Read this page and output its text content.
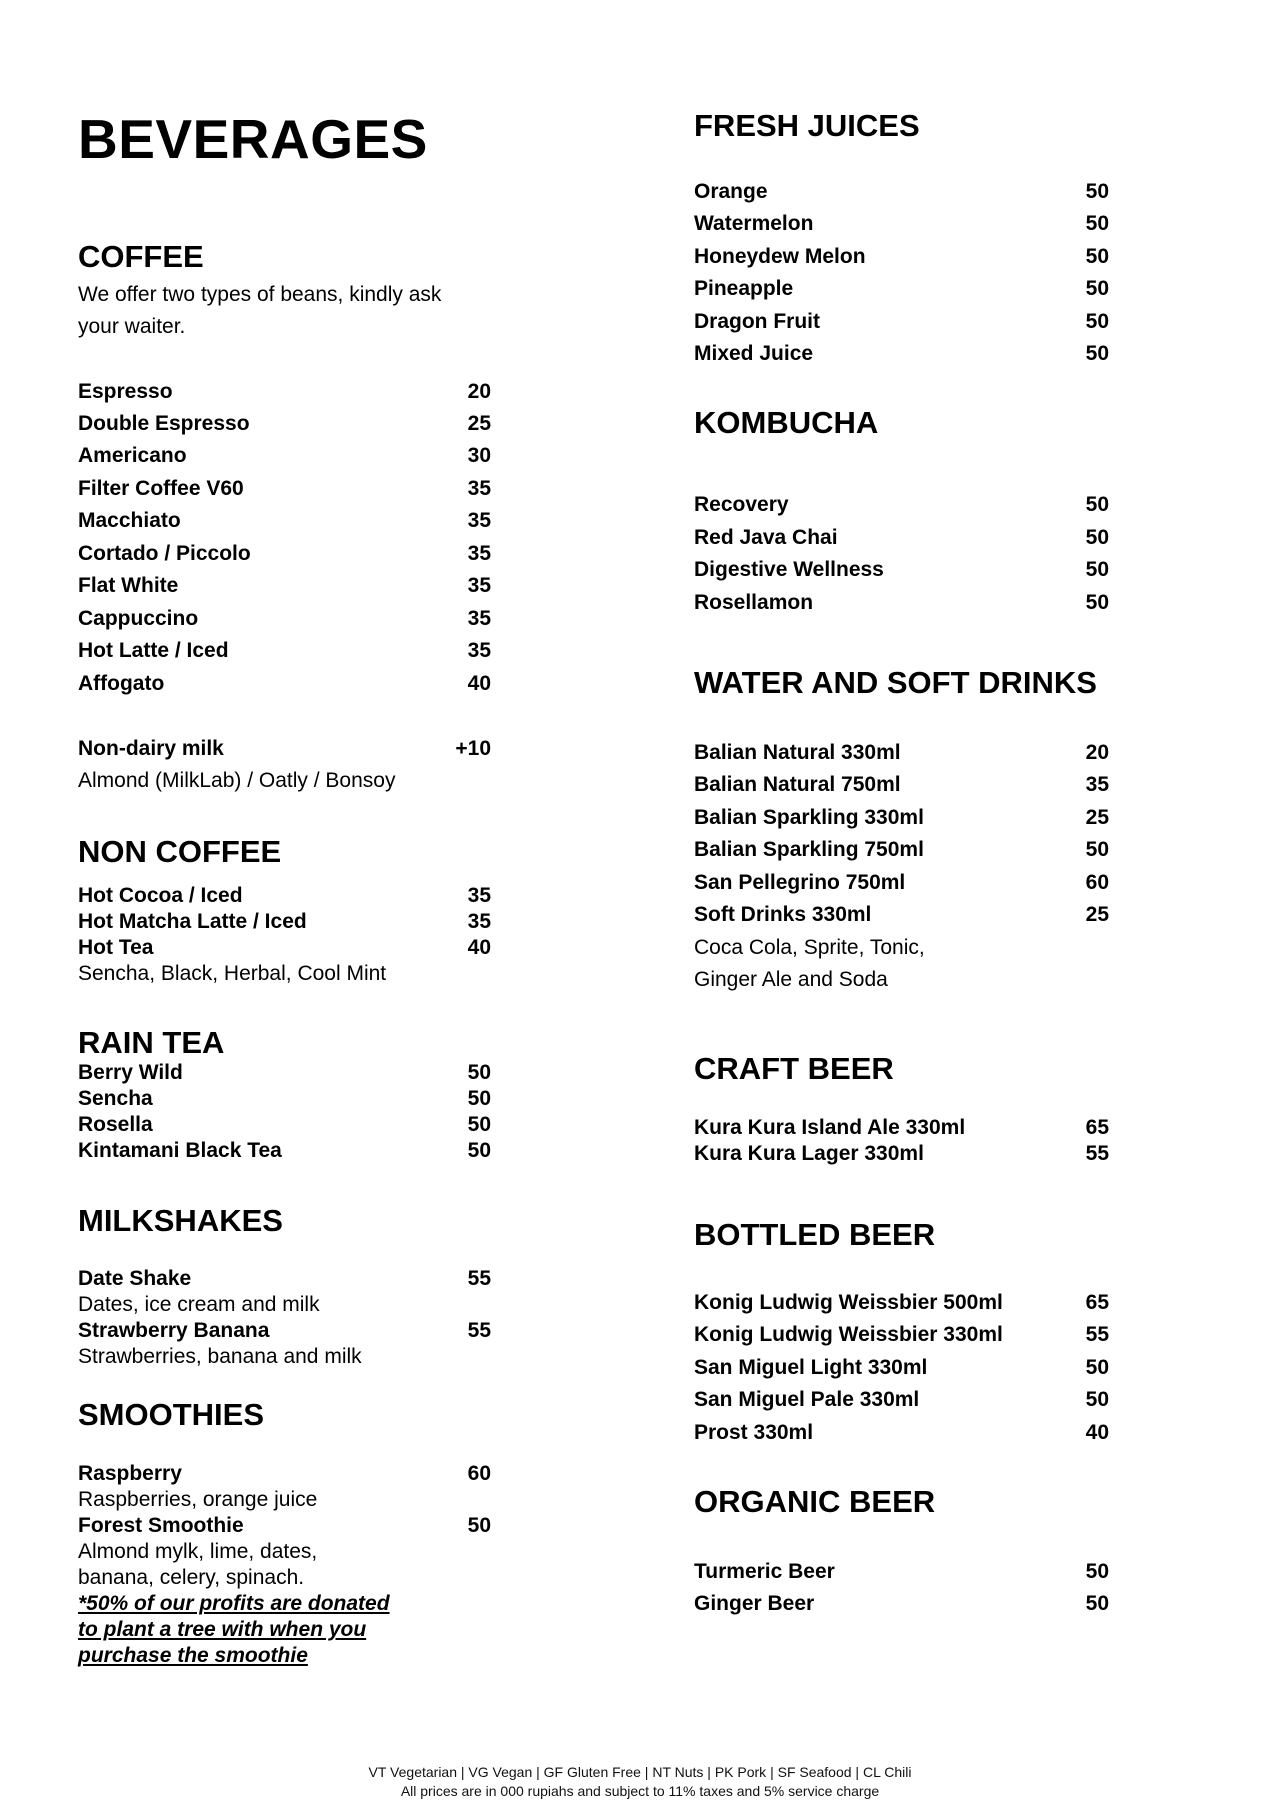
BEVERAGES
COFFEE
We offer two types of beans, kindly ask
your waiter.
Espresso	20
Double Espresso	25
Americano	30
Filter Coffee V60	35
Macchiato	35
Cortado / Piccolo	35
Flat White	35
Cappuccino	35
Hot Latte / Iced	35
Affogato	40
Non-dairy milk	+10
Almond (MilkLab) / Oatly / Bonsoy
NON COFFEE
Hot Cocoa / Iced	35
Hot Matcha Latte / Iced	35
Hot Tea	40
Sencha, Black, Herbal, Cool Mint
RAIN TEA
Berry Wild	50
Sencha	50
Rosella	50
Kintamani Black Tea	50
MILKSHAKES
Date Shake	55
Dates, ice cream and milk
Strawberry Banana	55
Strawberries, banana and milk
SMOOTHIES
Raspberry	60
Raspberries, orange juice
Forest Smoothie	50
Almond mylk, lime, dates,
banana, celery, spinach.
*50% of our profits are donated
to plant a tree with when you
purchase the smoothie
FRESH JUICES
Orange	50
Watermelon	50
Honeydew Melon	50
Pineapple	50
Dragon Fruit	50
Mixed Juice	50
KOMBUCHA
Recovery	50
Red Java Chai	50
Digestive Wellness	50
Rosellamon	50
WATER AND SOFT DRINKS
Balian Natural 330ml	20
Balian Natural 750ml	35
Balian Sparkling 330ml	25
Balian Sparkling 750ml	50
San Pellegrino 750ml	60
Soft Drinks 330ml	25
Coca Cola, Sprite, Tonic,
Ginger Ale and Soda
CRAFT BEER
Kura Kura Island Ale 330ml	65
Kura Kura Lager 330ml	55
BOTTLED BEER
Konig Ludwig Weissbier 500ml	65
Konig Ludwig Weissbier 330ml	55
San Miguel Light 330ml	50
San Miguel Pale 330ml	50
Prost 330ml	40
ORGANIC BEER
Turmeric Beer	50
Ginger Beer	50
VT Vegetarian | VG Vegan | GF Gluten Free | NT Nuts | PK Pork | SF Seafood | CL Chili
All prices are in 000 rupiahs and subject to 11% taxes and 5% service charge
